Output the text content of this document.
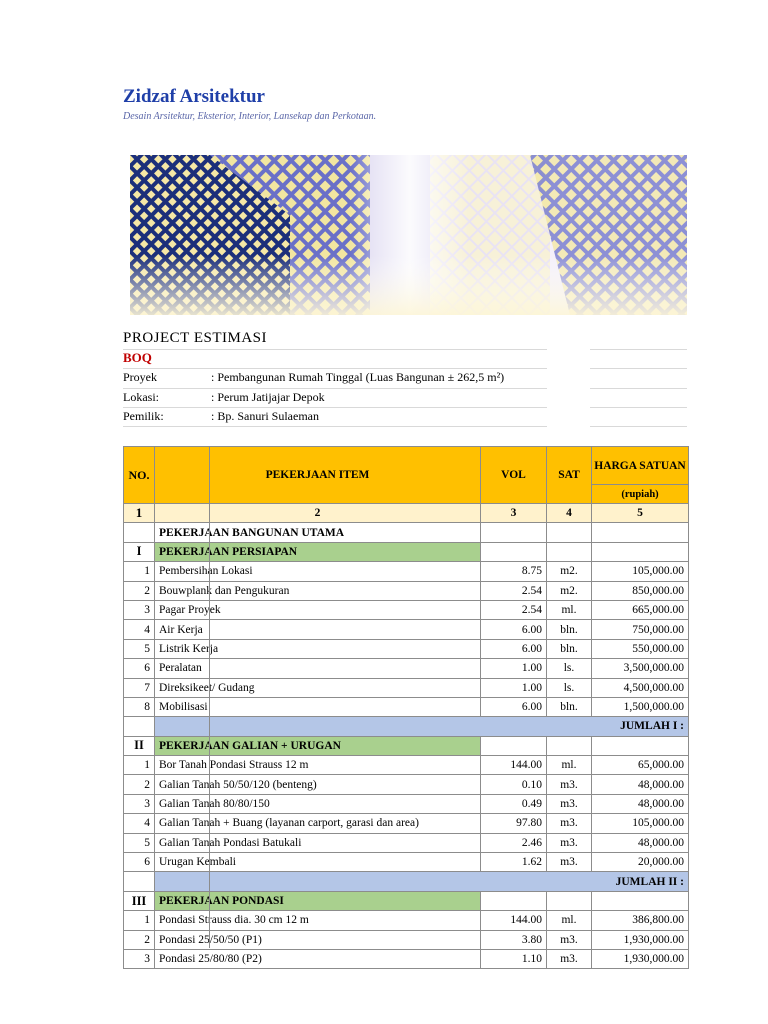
Zidzaf Arsitektur
Desain Arsitektur, Eksterior, Interior, Lansekap dan Perkotaan.
PROJECT ESTIMASI
BOQ
Proyek	: Pembangunan Rumah Tinggal (Luas Bangunan ± 262,5 m²)
Lokasi:	: Perum Jatijajar Depok
Pemilik:	: Bp. Sanuri Sulaeman
NO.	PEKERJAAN ITEM	VOL	SAT	HARGA SATUAN
				(rupiah)
1	2	3	4	5
	PEKERJAAN BANGUNAN UTAMA			
I	PEKERJAAN PERSIAPAN			
1	Pembersihan Lokasi	8.75	m2.	105,000.00
2	Bouwplank dan Pengukuran	2.54	m2.	850,000.00
3	Pagar Proyek	2.54	ml.	665,000.00
4	Air Kerja	6.00	bln.	750,000.00
5	Listrik Kerja	6.00	bln.	550,000.00
6	Peralatan	1.00	ls.	3,500,000.00
7	Direksikeet/ Gudang	1.00	ls.	4,500,000.00
8	Mobilisasi	6.00	bln.	1,500,000.00
	JUMLAH I :			
II	PEKERJAAN GALIAN + URUGAN			
1	Bor Tanah Pondasi Strauss 12 m	144.00	ml.	65,000.00
2	Galian Tanah 50/50/120 (benteng)	0.10	m3.	48,000.00
3	Galian Tanah 80/80/150	0.49	m3.	48,000.00
4	Galian Tanah + Buang (layanan carport, garasi dan area)	97.80	m3.	105,000.00
5	Galian Tanah Pondasi Batukali	2.46	m3.	48,000.00
6	Urugan Kembali	1.62	m3.	20,000.00
	JUMLAH II :			
III	PEKERJAAN PONDASI			
1	Pondasi Strauss dia. 30 cm 12 m	144.00	ml.	386,800.00
2	Pondasi 25/50/50 (P1)	3.80	m3.	1,930,000.00
3	Pondasi 25/80/80 (P2)	1.10	m3.	1,930,000.00
